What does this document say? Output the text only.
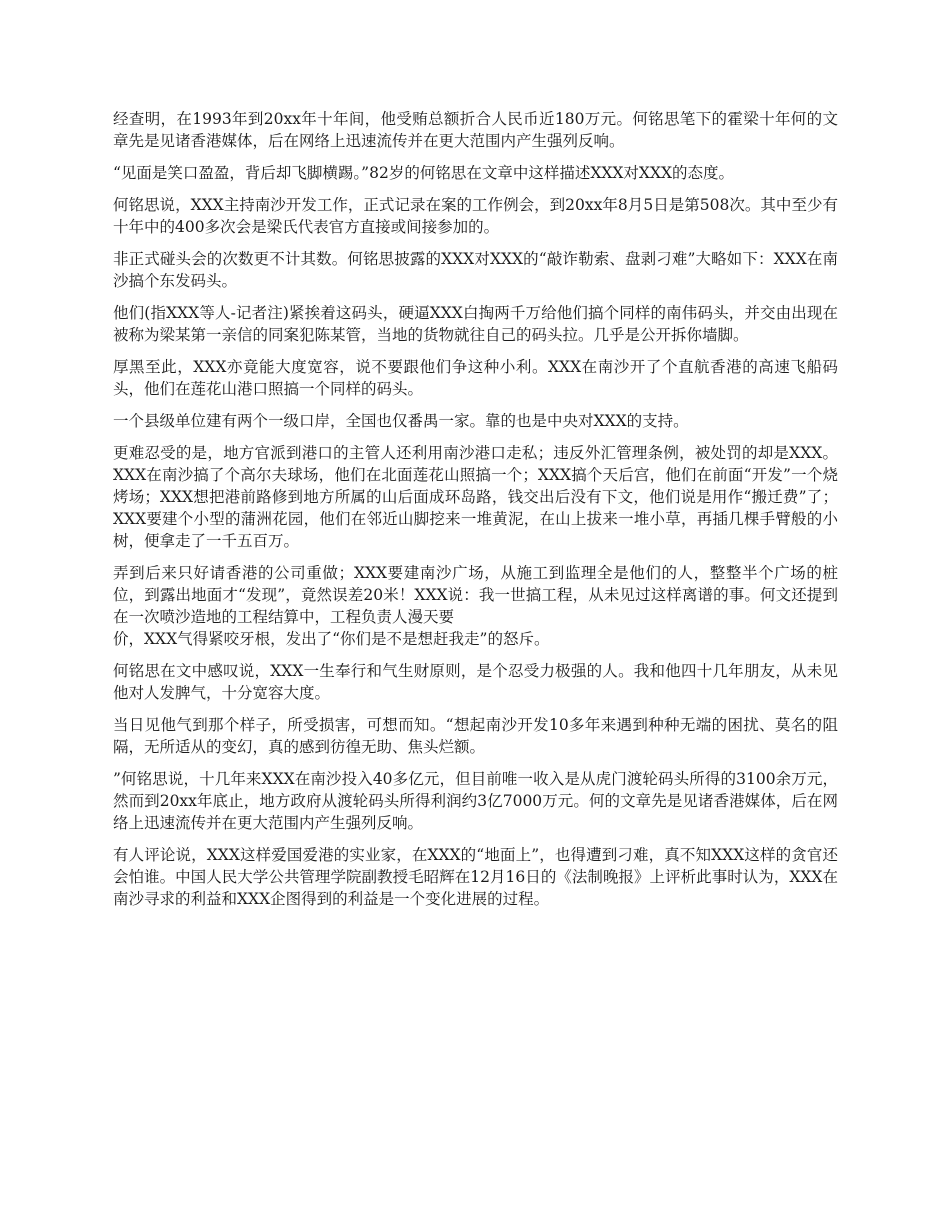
经查明，在1993年到20xx年十年间，他受贿总额折合人民币近180万元。何铭思笔下的霍梁十年何的文章先是见诸香港媒体，后在网络上迅速流传并在更大范围内产生强列反响。

“见面是笑口盈盈，背后却飞脚横踢。”82岁的何铭思在文章中这样描述XXX对XXX的态度。

何铭思说，XXX主持南沙开发工作，正式记录在案的工作例会，到20xx年8月5日是第508次。其中至少有十年中的400多次会是梁氏代表官方直接或间接参加的。

非正式碰头会的次数更不计其数。何铭思披露的XXX对XXX的“敲诈勒索、盘剥刁难”大略如下：XXX在南沙搞个东发码头。

他们(指XXX等人-记者注)紧挨着这码头，硬逼XXX白掏两千万给他们搞个同样的南伟码头，并交由出现在被称为梁某第一亲信的同案犯陈某管，当地的货物就往自己的码头拉。几乎是公开拆你墙脚。

厚黑至此，XXX亦竟能大度宽容，说不要跟他们争这种小利。XXX在南沙开了个直航香港的高速飞船码头，他们在莲花山港口照搞一个同样的码头。

一个县级单位建有两个一级口岸，全国也仅番禺一家。靠的也是中央对XXX的支持。

更难忍受的是，地方官派到港口的主管人还利用南沙港口走私；违反外汇管理条例，被处罚的却是XXX。XXX在南沙搞了个高尔夫球场，他们在北面莲花山照搞一个；XXX搞个天后宫，他们在前面“开发”一个烧烤场；XXX想把港前路修到地方所属的山后面成环岛路，钱交出后没有下文，他们说是用作“搬迁费”了；XXX要建个小型的蒲洲花园，他们在邻近山脚挖来一堆黄泥，在山上拔来一堆小草，再插几棵手臂般的小树，便拿走了一千五百万。

弄到后来只好请香港的公司重做；XXX要建南沙广场，从施工到监理全是他们的人，整整半个广场的桩位，到露出地面才“发现”，竟然误差20米！XXX说：我一世搞工程，从未见过这样离谱的事。何文还提到在一次喷沙造地的工程结算中，工程负责人漫天要
价，XXX气得紧咬牙根，发出了“你们是不是想赶我走”的怒斥。

何铭思在文中感叹说，XXX一生奉行和气生财原则，是个忍受力极强的人。我和他四十几年朋友，从未见他对人发脾气，十分宽容大度。

当日见他气到那个样子，所受损害，可想而知。“想起南沙开发10多年来遇到种种无端的困扰、莫名的阻隔，无所适从的变幻，真的感到彷徨无助、焦头烂额。

”何铭思说，十几年来XXX在南沙投入40多亿元，但目前唯一收入是从虎门渡轮码头所得的3100余万元，然而到20xx年底止，地方政府从渡轮码头所得利润约3亿7000万元。何的文章先是见诸香港媒体，后在网络上迅速流传并在更大范围内产生强列反响。

有人评论说，XXX这样爱国爱港的实业家，在XXX的“地面上”，也得遭到刁难，真不知XXX这样的贪官还会怕谁。中国人民大学公共管理学院副教授毛昭辉在12月16日的《法制晚报》上评析此事时认为，XXX在南沙寻求的利益和XXX企图得到的利益是一个变化进展的过程。
